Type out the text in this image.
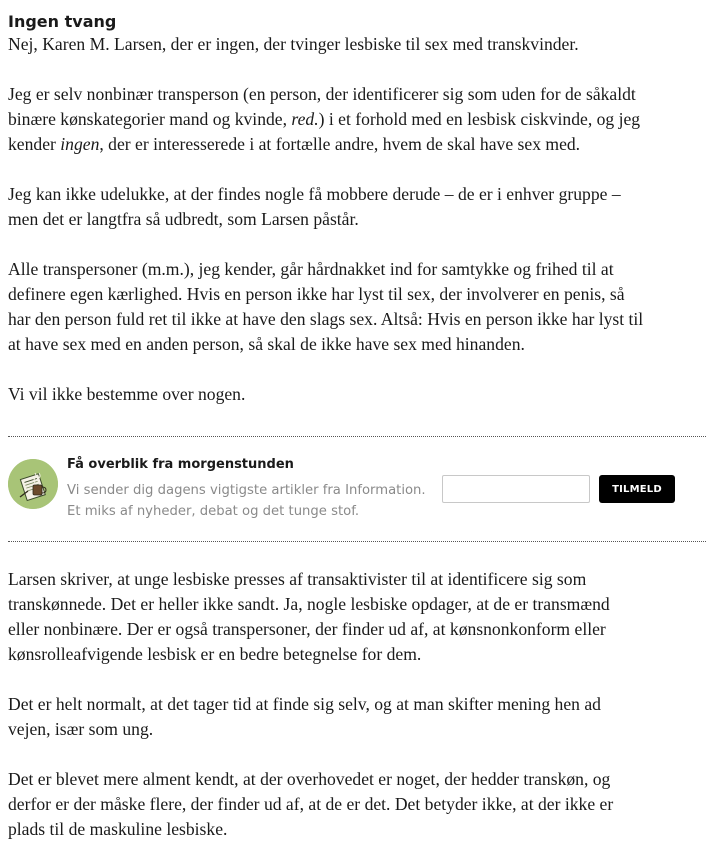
Ingen tvang

Nej, Karen M. Larsen, der er ingen, der tvinger lesbiske til sex med transkvinder.

Jeg er selv nonbinær transperson (en person, der identificerer sig som uden for de såkaldt
binære kønskategorier mand og kvinde, red.) i et forhold med en lesbisk ciskvinde, og jeg
kender ingen, der er interesserede i at fortælle andre, hvem de skal have sex med.

Jeg kan ikke udelukke, at der findes nogle få mobbere derude – de er i enhver gruppe –
men det er langtfra så udbredt, som Larsen påstår.

Alle transpersoner (m.m.), jeg kender, går hårdnakket ind for samtykke og frihed til at
definere egen kærlighed. Hvis en person ikke har lyst til sex, der involverer en penis, så
har den person fuld ret til ikke at have den slags sex. Altså: Hvis en person ikke har lyst til
at have sex med en anden person, så skal de ikke have sex med hinanden.

Vi vil ikke bestemme over nogen.

Få overblik fra morgenstunden
Vi sender dig dagens vigtigste artikler fra Information.
Et miks af nyheder, debat og det tunge stof.
TILMELD

Larsen skriver, at unge lesbiske presses af transaktivister til at identificere sig som
transkønnede. Det er heller ikke sandt. Ja, nogle lesbiske opdager, at de er transmænd
eller nonbinære. Der er også transpersoner, der finder ud af, at kønsnonkonform eller
kønsrolleafvigende lesbisk er en bedre betegnelse for dem.

Det er helt normalt, at det tager tid at finde sig selv, og at man skifter mening hen ad
vejen, især som ung.

Det er blevet mere alment kendt, at der overhovedet er noget, der hedder transkøn, og
derfor er der måske flere, der finder ud af, at de er det. Det betyder ikke, at der ikke er
plads til de maskuline lesbiske.
